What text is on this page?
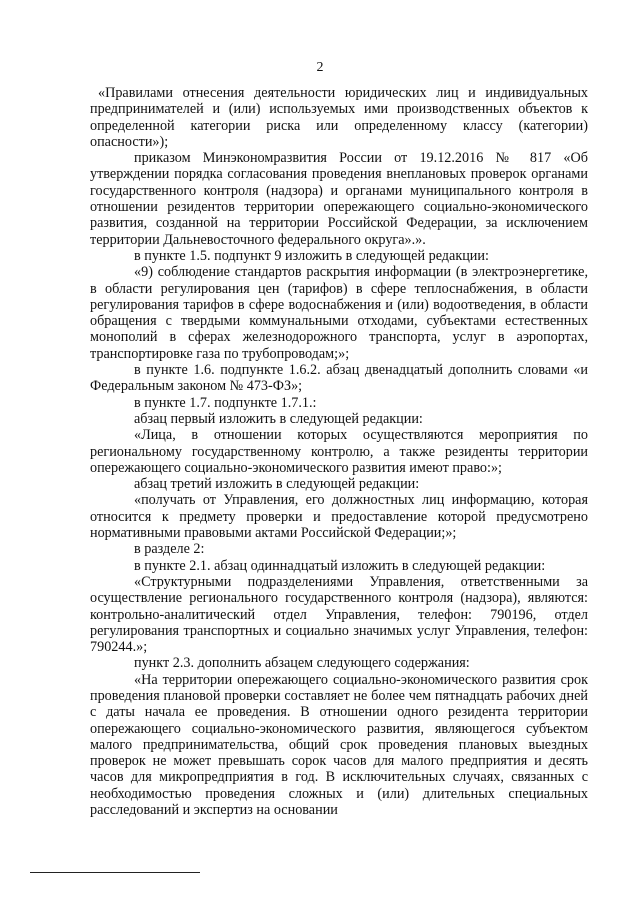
2

«Правилами отнесения деятельности юридических лиц и индивидуальных предпринимателей и (или) используемых ими производственных объектов к определенной категории риска или определенному классу (категории) опасности»);

приказом Минэкономразвития России от 19.12.2016 № 817 «Об утверждении порядка согласования проведения внеплановых проверок органами государственного контроля (надзора) и органами муниципального контроля в отношении резидентов территории опережающего социально-экономического развития, созданной на территории Российской Федерации, за исключением территории Дальневосточного федерального округа».».

в пункте 1.5. подпункт 9 изложить в следующей редакции:

«9) соблюдение стандартов раскрытия информации (в электроэнергетике, в области регулирования цен (тарифов) в сфере теплоснабжения, в области регулирования тарифов в сфере водоснабжения и (или) водоотведения, в области обращения с твердыми коммунальными отходами, субъектами естественных монополий в сферах железнодорожного транспорта, услуг в аэропортах, транспортировке газа по трубопроводам;»;

в пункте 1.6. подпункте 1.6.2. абзац двенадцатый дополнить словами «и Федеральным законом № 473-ФЗ»;

в пункте 1.7. подпункте 1.7.1.:

абзац первый изложить в следующей редакции:

«Лица, в отношении которых осуществляются мероприятия по региональному государственному контролю, а также резиденты территории опережающего социально-экономического развития имеют право:»;

абзац третий изложить в следующей редакции:

«получать от Управления, его должностных лиц информацию, которая относится к предмету проверки и предоставление которой предусмотрено нормативными правовыми актами Российской Федерации;»;

в разделе 2:

в пункте 2.1. абзац одиннадцатый изложить в следующей редакции:

«Структурными подразделениями Управления, ответственными за осуществление регионального государственного контроля (надзора), являются: контрольно-аналитический отдел Управления, телефон: 790196, отдел регулирования транспортных и социально значимых услуг Управления, телефон: 790244.»;

пункт 2.3. дополнить абзацем следующего содержания:

«На территории опережающего социально-экономического развития срок проведения плановой проверки составляет не более чем пятнадцать рабочих дней с даты начала ее проведения. В отношении одного резидента территории опережающего социально-экономического развития, являющегося субъектом малого предпринимательства, общий срок проведения плановых выездных проверок не может превышать сорок часов для малого предприятия и десять часов для микропредприятия в год. В исключительных случаях, связанных с необходимостью проведения сложных и (или) длительных специальных расследований и экспертиз на основании
